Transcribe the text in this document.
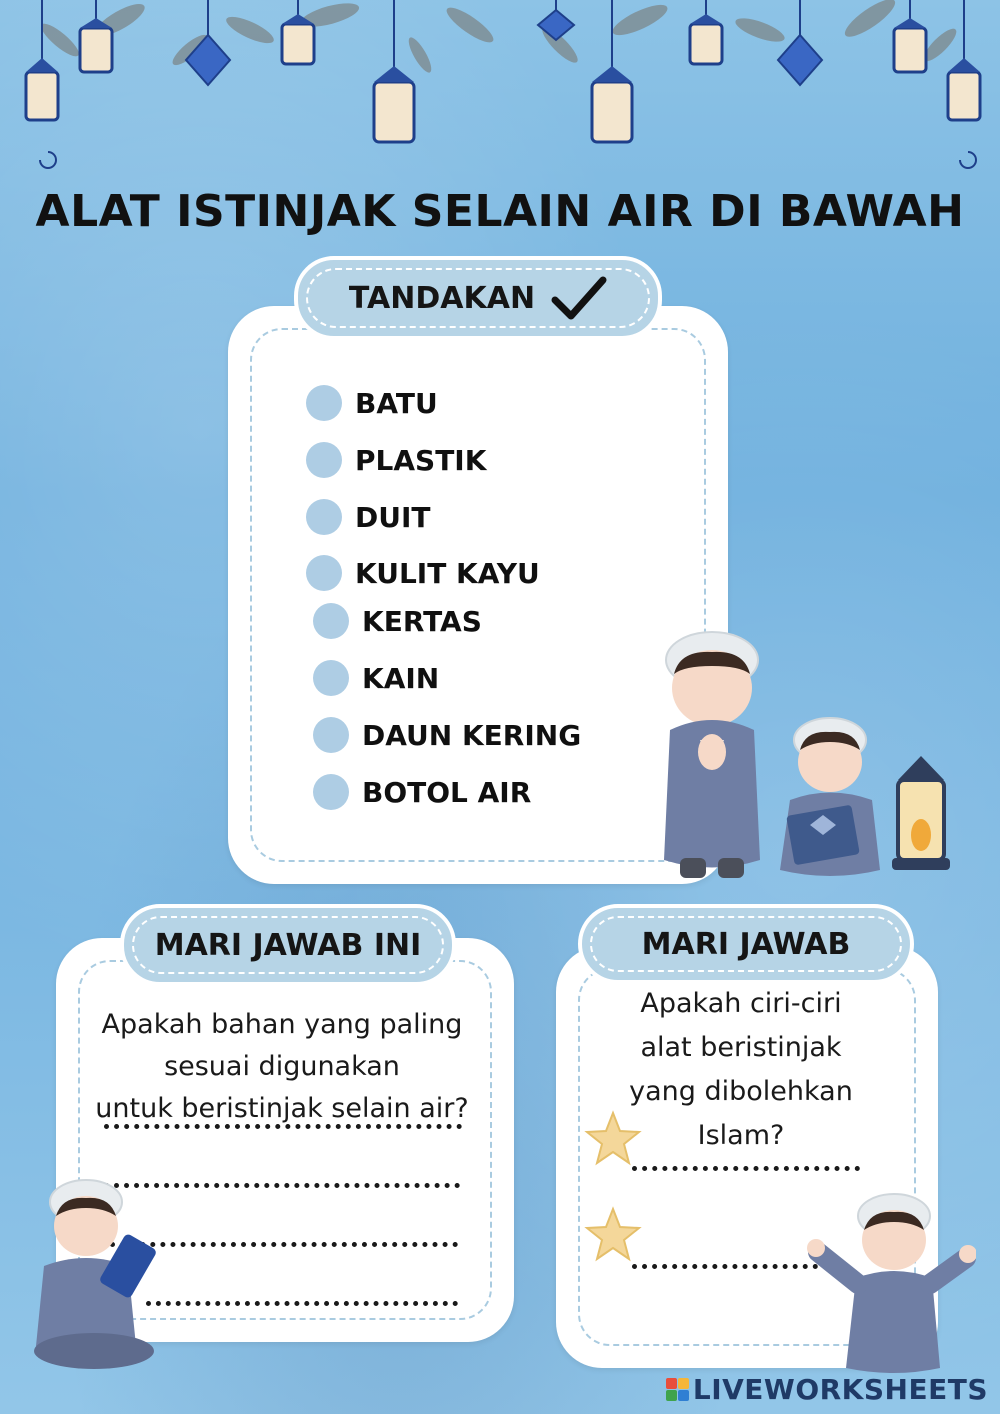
ALAT ISTINJAK SELAIN AIR DI BAWAH
TANDAKAN
BATU
PLASTIK
DUIT
KULIT KAYU
KERTAS
KAIN
DAUN KERING
BOTOL AIR
MARI JAWAB INI
Apakah bahan yang paling
sesuai digunakan
untuk beristinjak selain air?
MARI JAWAB
Apakah ciri-ciri
alat beristinjak
yang dibolehkan
Islam?
LIVEWORKSHEETS
